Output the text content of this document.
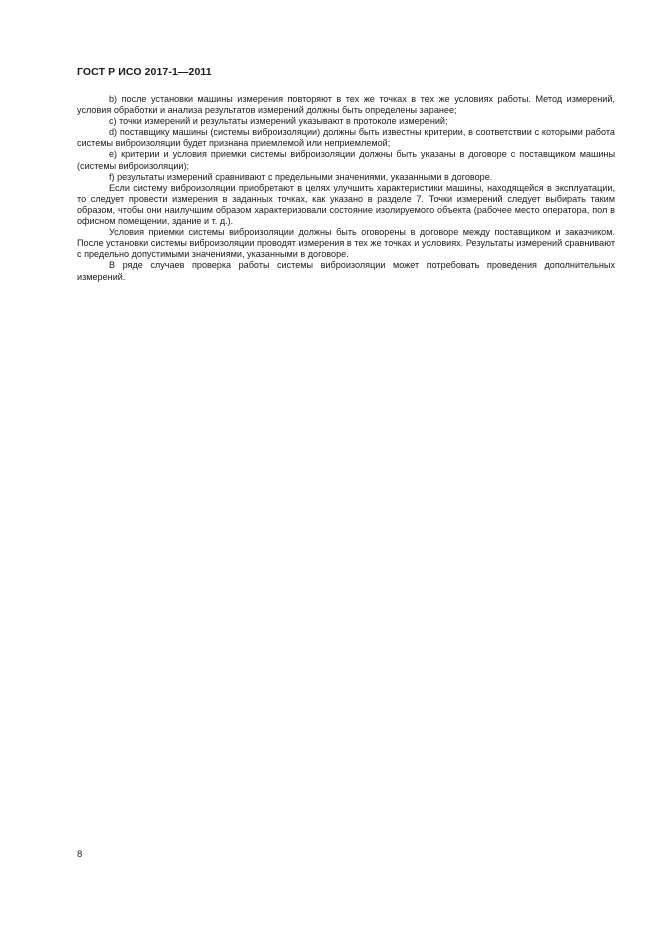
ГОСТ Р ИСО 2017-1—2011

b) после установки машины измерения повторяют в тех же точках в тех же условиях работы. Метод измерений, условия обработки и анализа результатов измерений должны быть определены заранее;

с) точки измерений и результаты измерений указывают в протоколе измерений;

d) поставщику машины (системы виброизоляции) должны быть известны критерии, в соответствии с которыми работа системы виброизоляции будет признана приемлемой или неприемлемой;

е) критерии и условия приемки системы виброизоляции должны быть указаны в договоре с поставщиком машины (системы виброизоляции);

f) результаты измерений сравнивают с предельными значениями, указанными в договоре.

Если систему виброизоляции приобретают в целях улучшить характеристики машины, находящейся в эксплуатации, то следует провести измерения в заданных точках, как указано в разделе 7. Точки измерений следует выбирать таким образом, чтобы они наилучшим образом характеризовали состояние изолируемого объекта (рабочее место оператора, пол в офисном помещении, здание и т. д.).

Условия приемки системы виброизоляции должны быть оговорены в договоре между поставщиком и заказчиком. После установки системы виброизоляции проводят измерения в тех же точках и условиях. Результаты измерений сравнивают с предельно допустимыми значениями, указанными в договоре.

В ряде случаев проверка работы системы виброизоляции может потребовать проведения дополнительных измерений.

8
